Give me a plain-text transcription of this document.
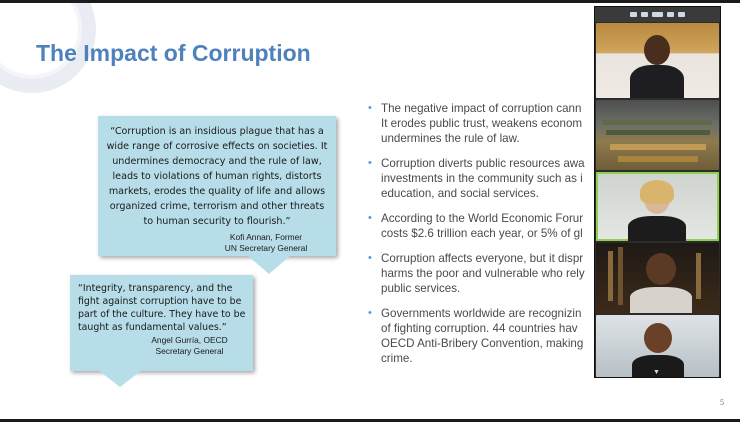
The Impact of Corruption
“Corruption is an insidious plague that has a wide range of corrosive effects on societies. It undermines democracy and the rule of law, leads to violations of human rights, distorts markets, erodes the quality of life and allows organized crime, terrorism and other threats to human security to flourish.”
Kofi Annan, Former
UN Secretary General
“Integrity, transparency, and the fight against corruption have to be part of the culture. They have to be taught as fundamental values.”
Angel Gurría, OECD
Secretary General
• The negative impact of corruption cann
It erodes public trust, weakens econom
undermines the rule of law.
• Corruption diverts public resources awa
investments in the community such as i
education, and social services.
• According to the World Economic Forur
costs $2.6 trillion each year, or 5% of gl
• Corruption affects everyone, but it dispr
harms the poor and vulnerable who rely
public services.
• Governments worldwide are recognizin
of fighting corruption. 44 countries hav
OECD Anti-Bribery Convention, making
crime.
5
▼
